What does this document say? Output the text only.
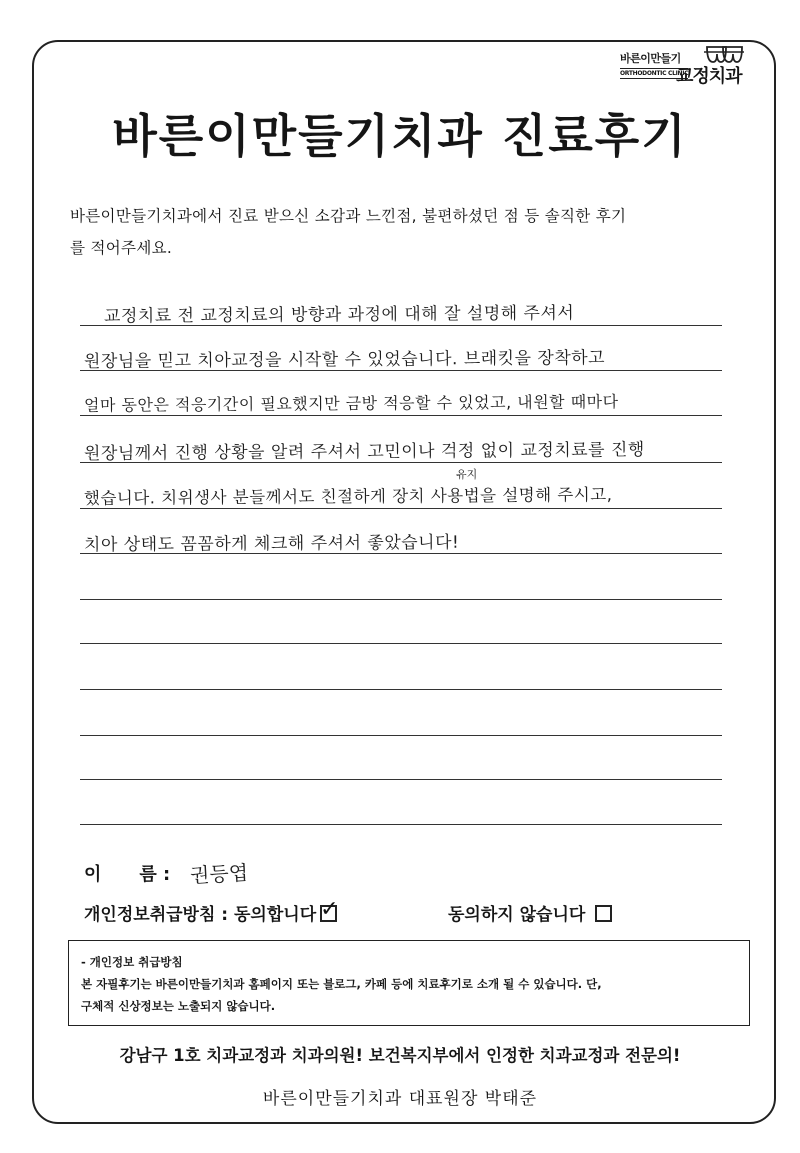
바른이만들기
ORTHODONTIC CLINIC
교정치과
바른이만들기치과 진료후기
바른이만들기치과에서 진료 받으신 소감과 느낀점, 불편하셨던 점 등 솔직한 후기
를 적어주세요.
교정치료 전 교정치료의 방향과 과정에 대해 잘 설명해 주셔서
원장님을 믿고 치아교정을 시작할 수 있었습니다. 브래킷을 장착하고
얼마 동안은 적응기간이 필요했지만 금방 적응할 수 있었고, 내원할 때마다
원장님께서 진행 상황을 알려 주셔서 고민이나 걱정 없이 교정치료를 진행
했습니다. 치위생사 분들께서도 친절하게 장치 사용법을 설명해 주시고,
치아 상태도 꼼꼼하게 체크해 주셔서 좋았습니다!
유지
이 름 : 권등엽
개인정보취급방침 : 동의합니다 ✓	동의하지 않습니다
- 개인정보 취급방침
본 자필후기는 바른이만들기치과 홈페이지 또는 블로그, 카페 등에 치료후기로 소개 될 수 있습니다. 단,
구체적 신상정보는 노출되지 않습니다.
강남구 1호 치과교정과 치과의원! 보건복지부에서 인정한 치과교정과 전문의!
바른이만들기치과 대표원장 박태준
